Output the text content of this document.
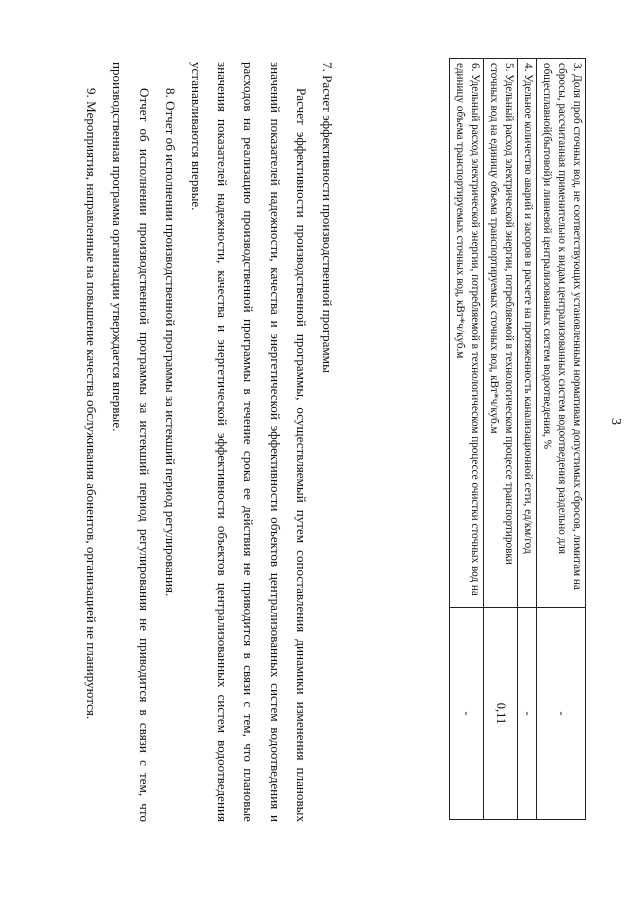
3
3. Доля проб сточных вод, не соответствующих установленным нормативам допустимых сбросов, лимитам на сбросы, рассчитанная применительно к видам централизованных систем водоотведения раздельно для общесплавной(бытовой)и ливневой централизованных систем водоотведения, %	-
4. Удельное количество аварий и засоров в расчете на протяженность канализационной сети, ед/км/год	-
5. Удельный расход электрической энергии, потребляемой в технологическом процессе транспортировки сточных вод на единицу объема транспортируемых сточных вод, кВт*ч/куб.м	0,11
6. Удельный расход электрической энергии, потребляемой в технологическом процессе очистки сточных вод на единицу объема транспортируемых сточных вод, кВт*ч/куб.м	-

7. Расчет эффективности производственной программы

Расчет эффективности производственной программы, осуществляемый путем сопоставления динамики изменения плановых значений показателей надежности, качества и энергетической эффективности объектов централизованных систем водоотведения и расходов на реализацию производственной программы в течение срока ее действия не приводится в связи с тем, что плановые значения показателей надежности, качества и энергетической эффективности объектов централизованных систем водоотведения устанавливаются впервые.

8. Отчет об исполнении производственной программы за истекший период регулирования.

Отчет об исполнении производственной программы за истекший период регулирования не приводится в связи с тем, что производственная программа организации утверждается впервые.

9. Мероприятия, направленные на повышение качества обслуживания абонентов, организацией не планируются.
